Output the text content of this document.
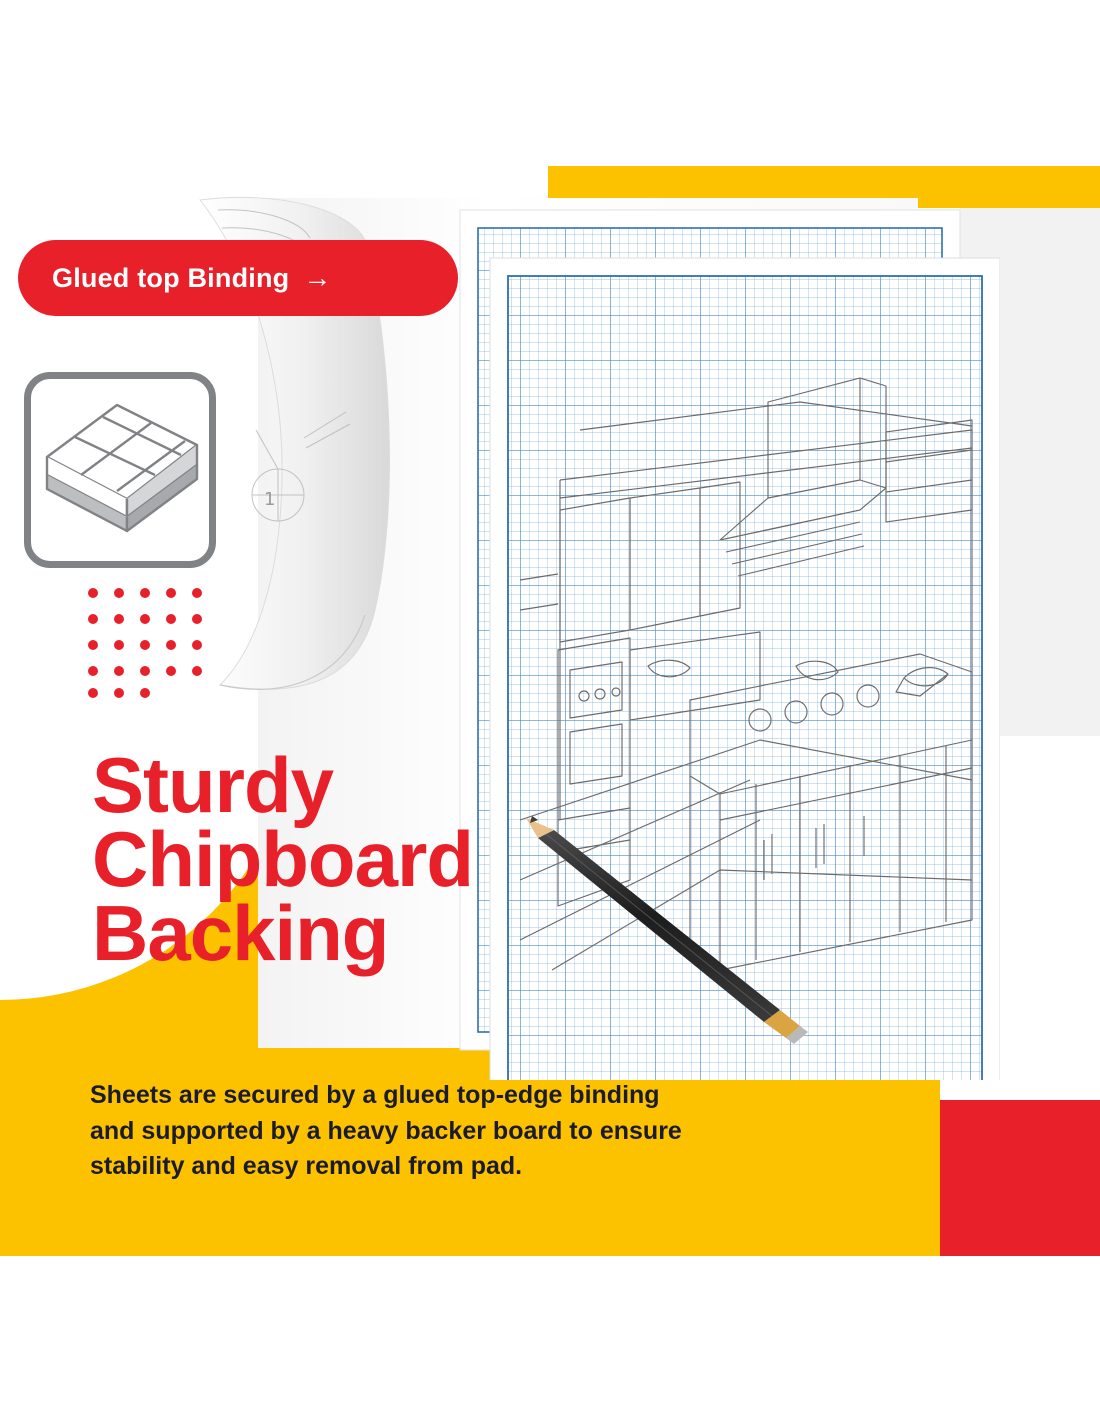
1
Glued top Binding →
Sturdy
Chipboard
Backing
Sheets are secured by a glued top-edge binding
and supported by a heavy backer board to ensure
stability and easy removal from pad.
